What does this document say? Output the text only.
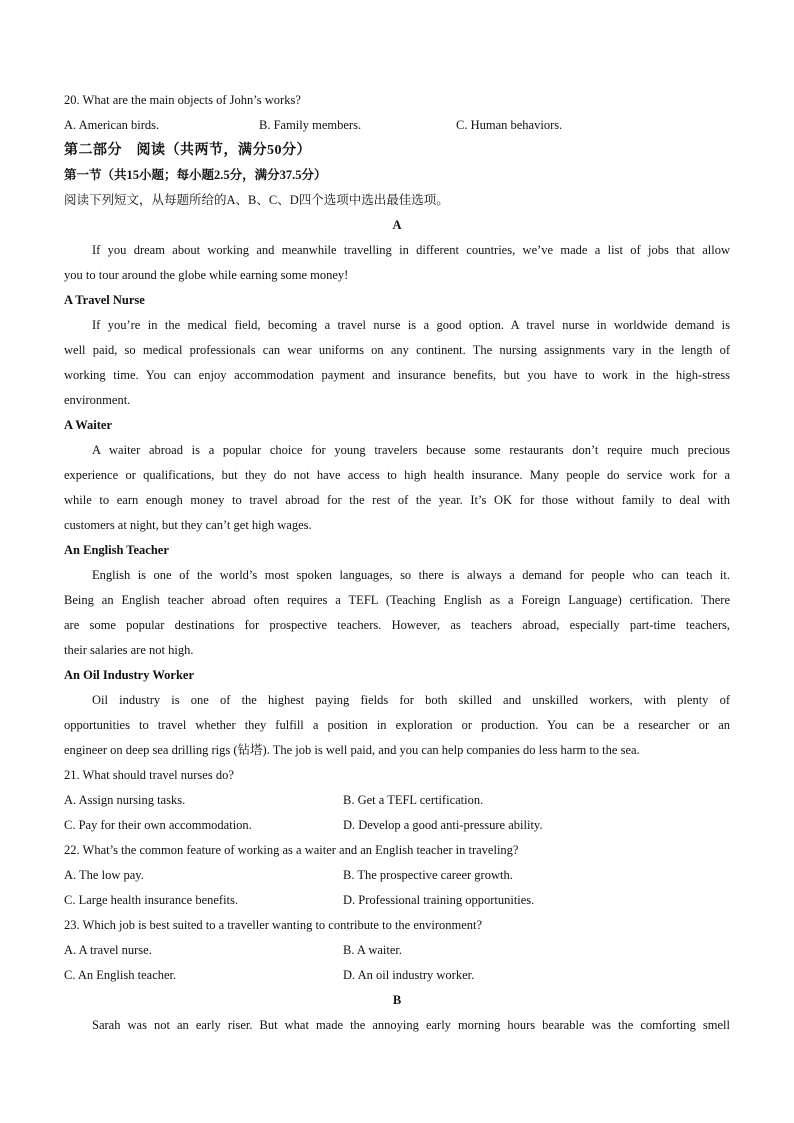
20. What are the main objects of John’s works?
A. American birds.	B. Family members.	C. Human behaviors.
第二部分　阅读（共两节，满分50分）
第一节（共15小题；每小题2.5分，满分37.5分）
阅读下列短文，从每题所给的A、B、C、D四个选项中选出最佳选项。
A
If you dream about working and meanwhile travelling in different countries, we’ve made a list of jobs that allow
you to tour around the globe while earning some money!
A Travel Nurse
If you’re in the medical field, becoming a travel nurse is a good option. A travel nurse in worldwide demand is
well paid, so medical professionals can wear uniforms on any continent. The nursing assignments vary in the length of
working time. You can enjoy accommodation payment and insurance benefits, but you have to work in the high-stress
environment.
A Waiter
A waiter abroad is a popular choice for young travelers because some restaurants don’t require much precious
experience or qualifications, but they do not have access to high health insurance. Many people do service work for a
while to earn enough money to travel abroad for the rest of the year. It’s OK for those without family to deal with
customers at night, but they can’t get high wages.
An English Teacher
English is one of the world’s most spoken languages, so there is always a demand for people who can teach it.
Being an English teacher abroad often requires a TEFL (Teaching English as a Foreign Language) certification. There
are some popular destinations for prospective teachers. However, as teachers abroad, especially part-time teachers,
their salaries are not high.
An Oil Industry Worker
Oil industry is one of the highest paying fields for both skilled and unskilled workers, with plenty of
opportunities to travel whether they fulfill a position in exploration or production. You can be a researcher or an
engineer on deep sea drilling rigs (钻塔). The job is well paid, and you can help companies do less harm to the sea.
21. What should travel nurses do?
A. Assign nursing tasks.	B. Get a TEFL certification.
C. Pay for their own accommodation.	D. Develop a good anti-pressure ability.
22. What’s the common feature of working as a waiter and an English teacher in traveling?
A. The low pay.	B. The prospective career growth.
C. Large health insurance benefits.	D. Professional training opportunities.
23. Which job is best suited to a traveller wanting to contribute to the environment?
A. A travel nurse.	B. A waiter.
C. An English teacher.	D. An oil industry worker.
B
Sarah was not an early riser. But what made the annoying early morning hours bearable was the comforting smell
